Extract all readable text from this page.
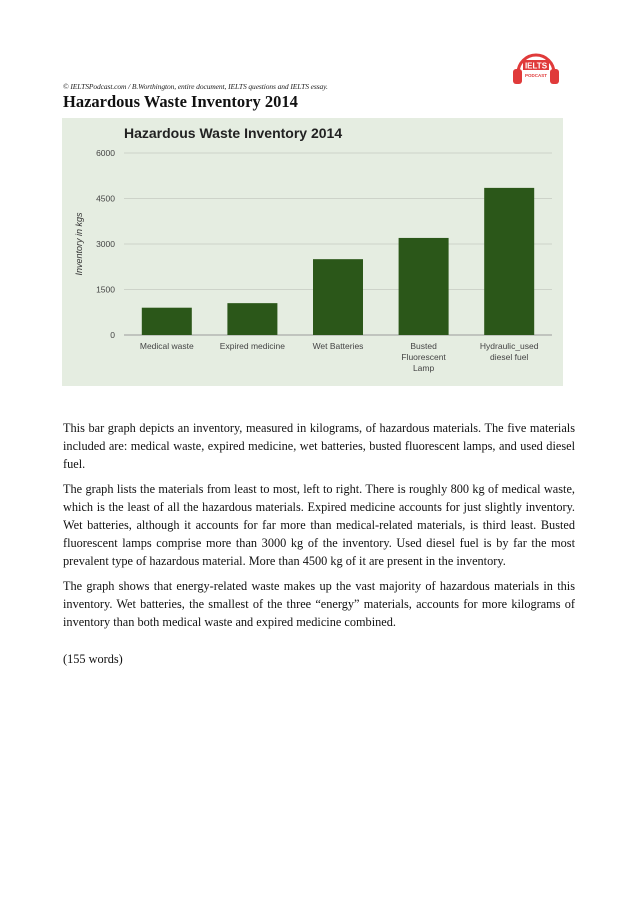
IELTS
PODCAST
© IELTSPodcast.com / B.Worthington, entire document, IELTS questions and IELTS essay.
Hazardous Waste Inventory 2014
Hazardous Waste Inventory 2014
Inventory in kgs
0
1500
3000
4500
6000
Medical waste	Expired medicine	Wet Batteries	Busted
Fluorescent
Lamp
Hydraulic_used
diesel fuel

This bar graph depicts an inventory, measured in kilograms, of hazardous materials. The five materials included are: medical waste, expired medicine, wet batteries, busted fluorescent lamps, and used diesel fuel.

The graph lists the materials from least to most, left to right. There is roughly 800 kg of medical waste, which is the least of all the hazardous materials. Expired medicine accounts for just slightly inventory. Wet batteries, although it accounts for far more than medical-related materials, is third least. Busted fluorescent lamps comprise more than 3000 kg of the inventory. Used diesel fuel is by far the most prevalent type of hazardous material. More than 4500 kg of it are present in the inventory.

The graph shows that energy-related waste makes up the vast majority of hazardous materials in this inventory. Wet batteries, the smallest of the three “energy” materials, accounts for more kilograms of inventory than both medical waste and expired medicine combined.

(155 words)
